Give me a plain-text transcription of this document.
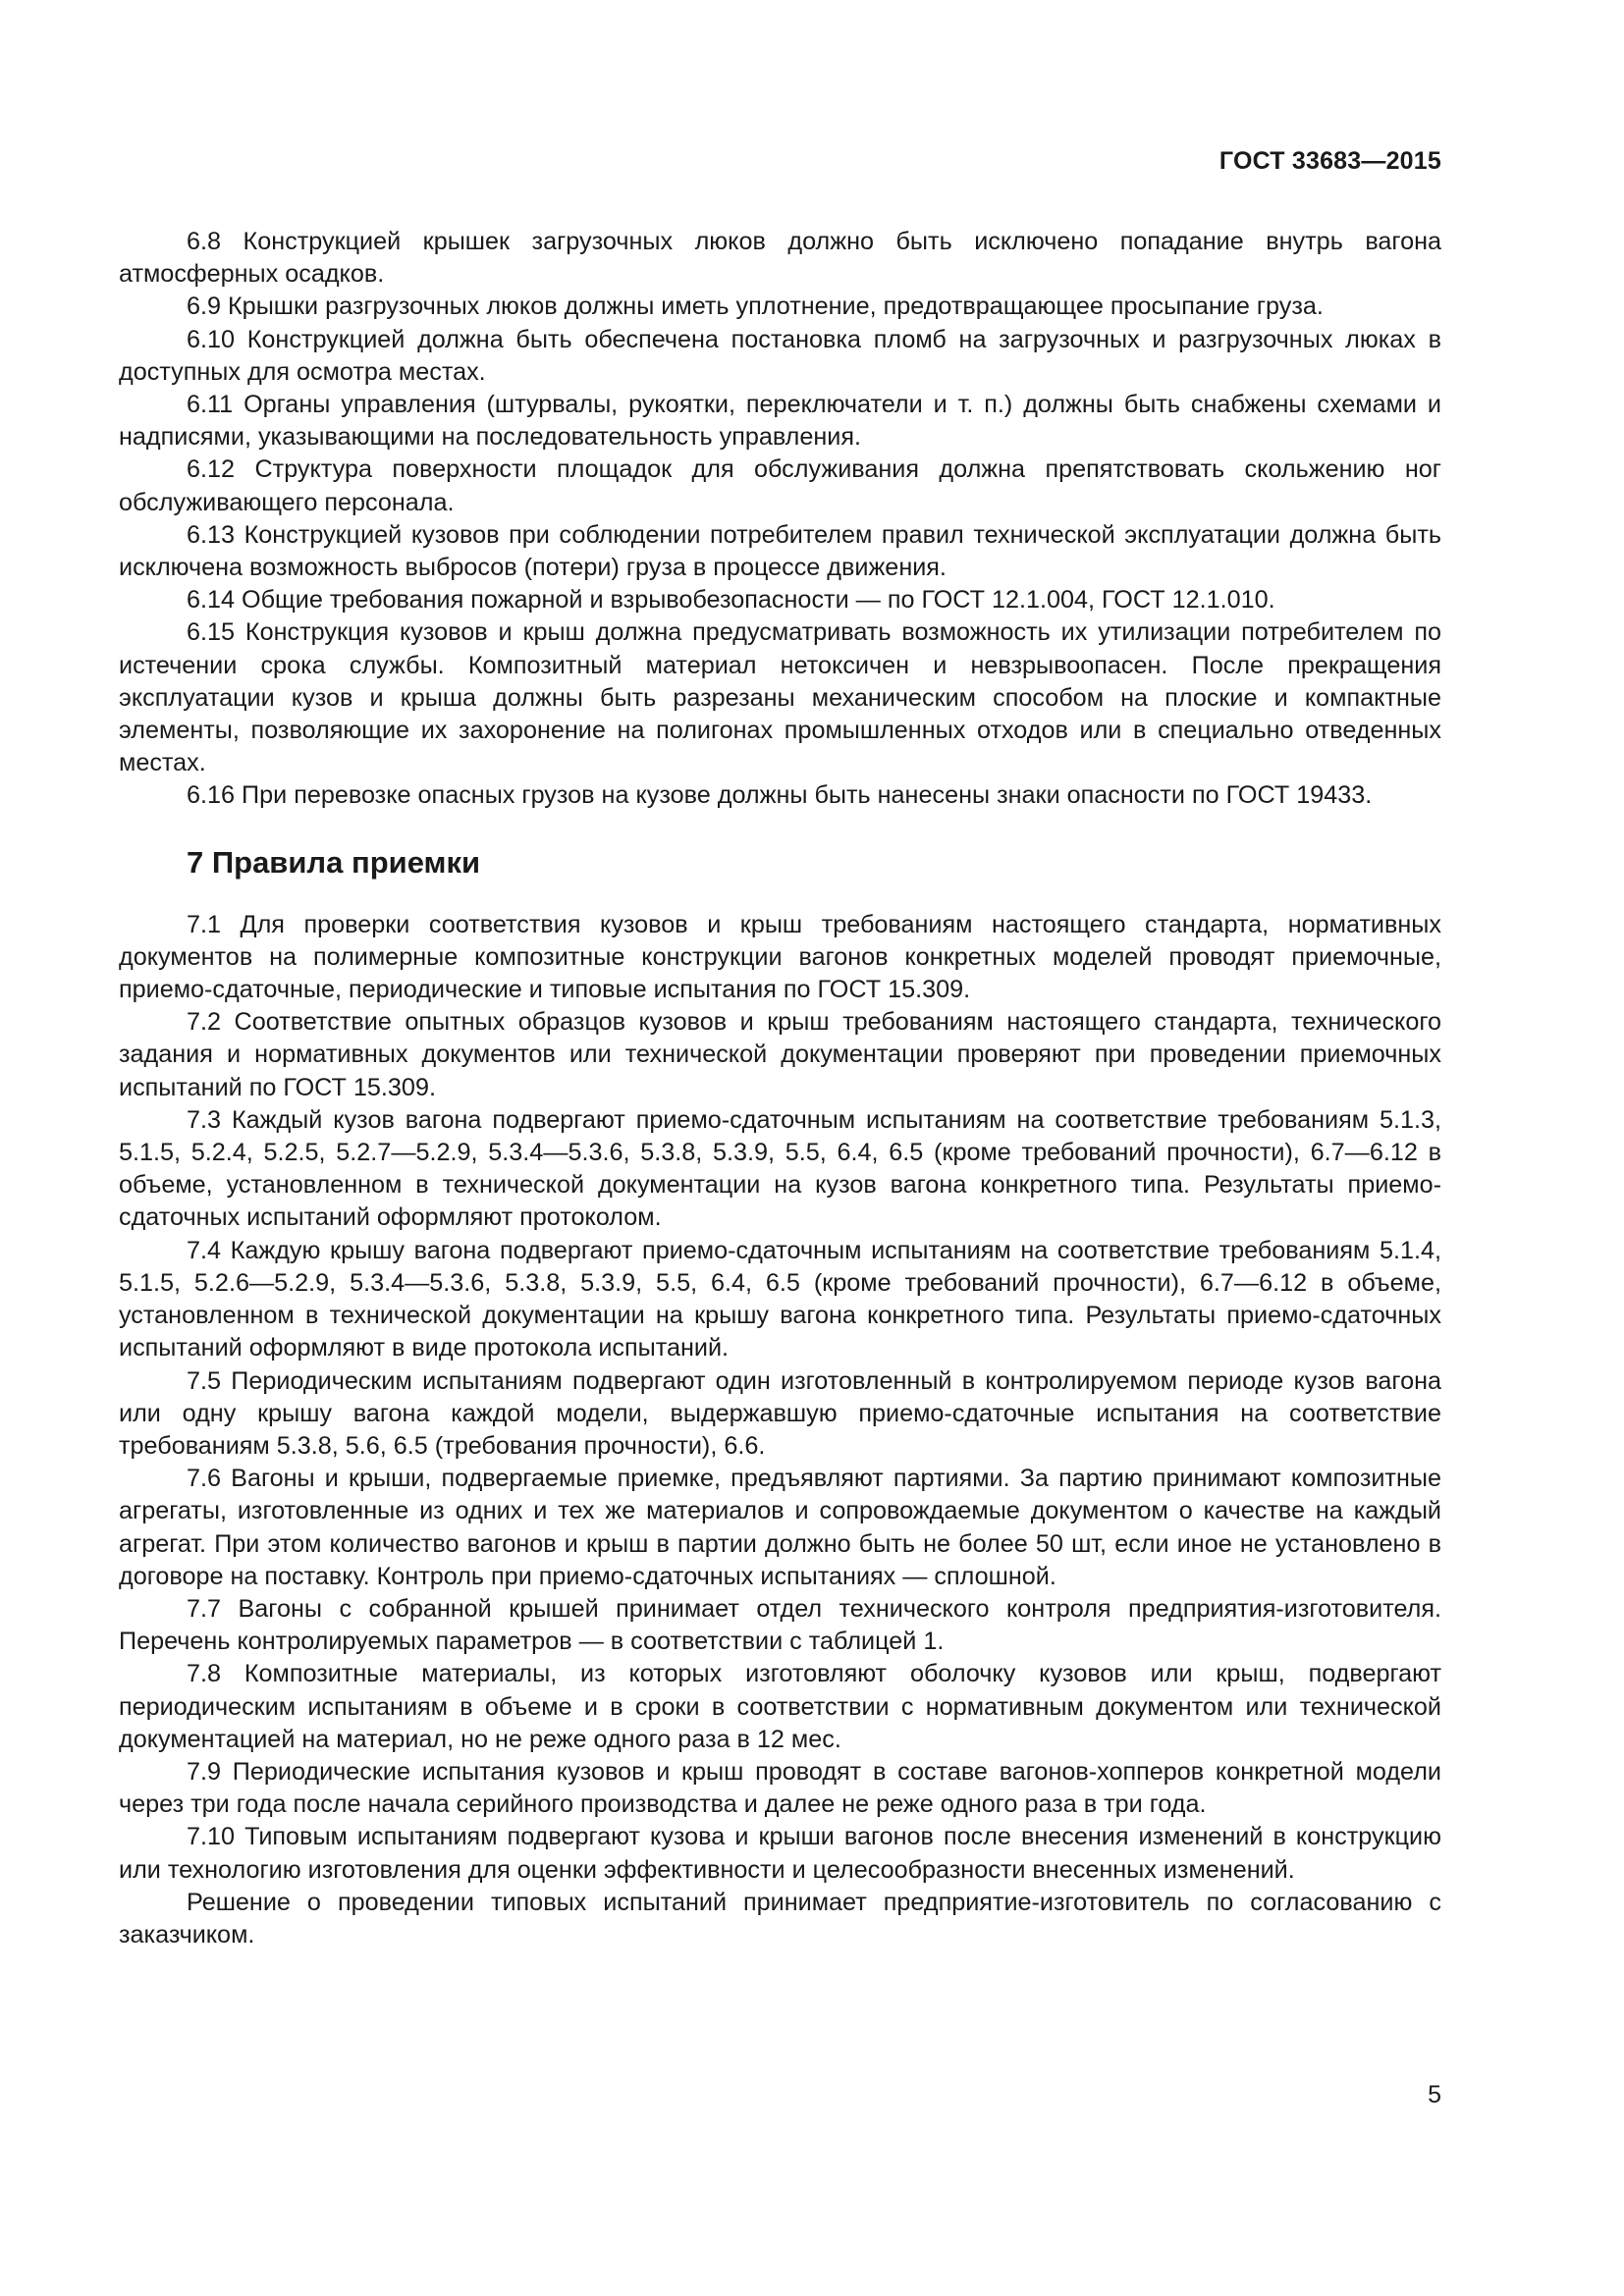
ГОСТ 33683—2015

6.8 Конструкцией крышек загрузочных люков должно быть исключено попадание внутрь вагона атмосферных осадков.

6.9 Крышки разгрузочных люков должны иметь уплотнение, предотвращающее просыпание груза.

6.10 Конструкцией должна быть обеспечена постановка пломб на загрузочных и разгрузочных люках в доступных для осмотра местах.

6.11 Органы управления (штурвалы, рукоятки, переключатели и т. п.) должны быть снабжены схемами и надписями, указывающими на последовательность управления.

6.12 Структура поверхности площадок для обслуживания должна препятствовать скольжению ног обслуживающего персонала.

6.13 Конструкцией кузовов при соблюдении потребителем правил технической эксплуатации должна быть исключена возможность выбросов (потери) груза в процессе движения.

6.14 Общие требования пожарной и взрывобезопасности — по ГОСТ 12.1.004, ГОСТ 12.1.010.

6.15 Конструкция кузовов и крыш должна предусматривать возможность их утилизации потребителем по истечении срока службы. Композитный материал нетоксичен и невзрывоопасен. После прекращения эксплуатации кузов и крыша должны быть разрезаны механическим способом на плоские и компактные элементы, позволяющие их захоронение на полигонах промышленных отходов или в специально отведенных местах.

6.16 При перевозке опасных грузов на кузове должны быть нанесены знаки опасности по ГОСТ 19433.

7 Правила приемки

7.1 Для проверки соответствия кузовов и крыш требованиям настоящего стандарта, нормативных документов на полимерные композитные конструкции вагонов конкретных моделей проводят приемочные, приемо-сдаточные, периодические и типовые испытания по ГОСТ 15.309.

7.2 Соответствие опытных образцов кузовов и крыш требованиям настоящего стандарта, технического задания и нормативных документов или технической документации проверяют при проведении приемочных испытаний по ГОСТ 15.309.

7.3 Каждый кузов вагона подвергают приемо-сдаточным испытаниям на соответствие требованиям 5.1.3, 5.1.5, 5.2.4, 5.2.5, 5.2.7—5.2.9, 5.3.4—5.3.6, 5.3.8, 5.3.9, 5.5, 6.4, 6.5 (кроме требований прочности), 6.7—6.12 в объеме, установленном в технической документации на кузов вагона конкретного типа. Результаты приемо-сдаточных испытаний оформляют протоколом.

7.4 Каждую крышу вагона подвергают приемо-сдаточным испытаниям на соответствие требованиям 5.1.4, 5.1.5, 5.2.6—5.2.9, 5.3.4—5.3.6, 5.3.8, 5.3.9, 5.5, 6.4, 6.5 (кроме требований прочности), 6.7—6.12 в объеме, установленном в технической документации на крышу вагона конкретного типа. Результаты приемо-сдаточных испытаний оформляют в виде протокола испытаний.

7.5 Периодическим испытаниям подвергают один изготовленный в контролируемом периоде кузов вагона или одну крышу вагона каждой модели, выдержавшую приемо-сдаточные испытания на соответствие требованиям 5.3.8, 5.6, 6.5 (требования прочности), 6.6.

7.6 Вагоны и крыши, подвергаемые приемке, предъявляют партиями. За партию принимают композитные агрегаты, изготовленные из одних и тех же материалов и сопровождаемые документом о качестве на каждый агрегат. При этом количество вагонов и крыш в партии должно быть не более 50 шт, если иное не установлено в договоре на поставку. Контроль при приемо-сдаточных испытаниях — сплошной.

7.7 Вагоны с собранной крышей принимает отдел технического контроля предприятия-изготовителя. Перечень контролируемых параметров — в соответствии с таблицей 1.

7.8 Композитные материалы, из которых изготовляют оболочку кузовов или крыш, подвергают периодическим испытаниям в объеме и в сроки в соответствии с нормативным документом или технической документацией на материал, но не реже одного раза в 12 мес.

7.9 Периодические испытания кузовов и крыш проводят в составе вагонов-хопперов конкретной модели через три года после начала серийного производства и далее не реже одного раза в три года.

7.10 Типовым испытаниям подвергают кузова и крыши вагонов после внесения изменений в конструкцию или технологию изготовления для оценки эффективности и целесообразности внесенных изменений.

Решение о проведении типовых испытаний принимает предприятие-изготовитель по согласованию с заказчиком.

5
